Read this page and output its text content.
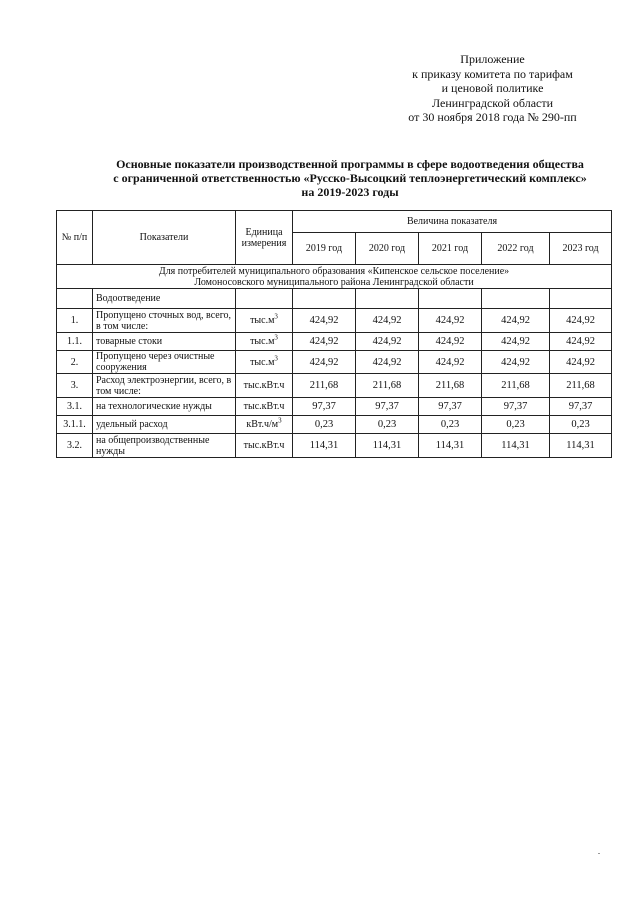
Приложение
к приказу комитета по тарифам
и ценовой политике
Ленинградской области
от 30 ноября 2018 года № 290-пп
Основные показатели производственной программы в сфере водоотведения общества
с ограниченной ответственностью «Русско-Высоцкий теплоэнергетический комплекс»
на 2019-2023 годы
№ п/п	Показатели	Единица измерения	Величина показателя				
			2019 год	2020 год	2021 год	2022 год	2023 год

Для потребителей муниципального образования «Кипенское сельское поселение»
Ломоносовского муниципального района Ленинградской области							

	Водоотведение						
1.	Пропущено сточных вод, всего, в том числе:	$тыс.м^3$	424,92	424,92	424,92	424,92	424,92
1.1.	товарные стоки	$тыс.м^3$	424,92	424,92	424,92	424,92	424,92
2.	Пропущено через очистные сооружения	$тыс.м^3$	424,92	424,92	424,92	424,92	424,92
3.	Расход электроэнергии, всего, в том числе:	тыс.кВт.ч	211,68	211,68	211,68	211,68	211,68
3.1.	на технологические нужды	тыс.кВт.ч	97,37	97,37	97,37	97,37	97,37
3.1.1.	удельный расход	$кВт.ч/м^3$	0,23	0,23	0,23	0,23	0,23
3.2.	на общепроизводственные нужды	тыс.кВт.ч	114,31	114,31	114,31	114,31	114,31
